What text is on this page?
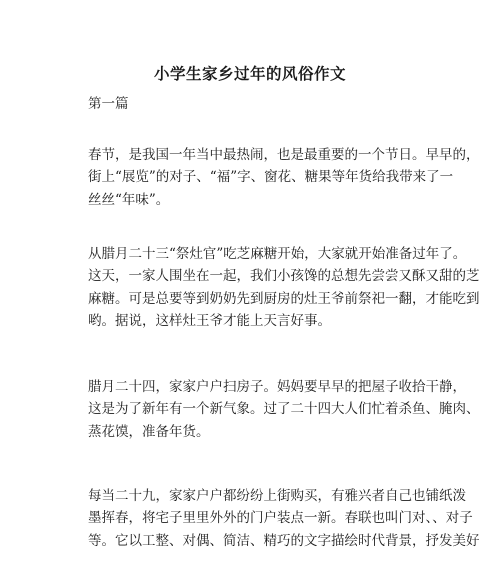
小学生家乡过年的风俗作文
第一篇

春节，是我国一年当中最热闹，也是最重要的一个节日。早早的，
街上“展览”的对子、“福”字、窗花、糖果等年货给我带来了一
丝丝“年味”。

从腊月二十三“祭灶官”吃芝麻糖开始，大家就开始准备过年了。
这天，一家人围坐在一起，我们小孩馋的总想先尝尝又酥又甜的芝
麻糖。可是总要等到奶奶先到厨房的灶王爷前祭祀一翻，才能吃到
哟。据说，这样灶王爷才能上天言好事。

腊月二十四，家家户户扫房子。妈妈要早早的把屋子收拾干静，
这是为了新年有一个新气象。过了二十四大人们忙着杀鱼、腌肉、
蒸花馍，准备年货。

每当二十九，家家户户都纷纷上街购买，有雅兴者自己也铺纸泼
墨挥春，将宅子里里外外的门户装点一新。春联也叫门对、、对子
等。它以工整、对偶、简洁、精巧的文字描绘时代背景，抒发美好
